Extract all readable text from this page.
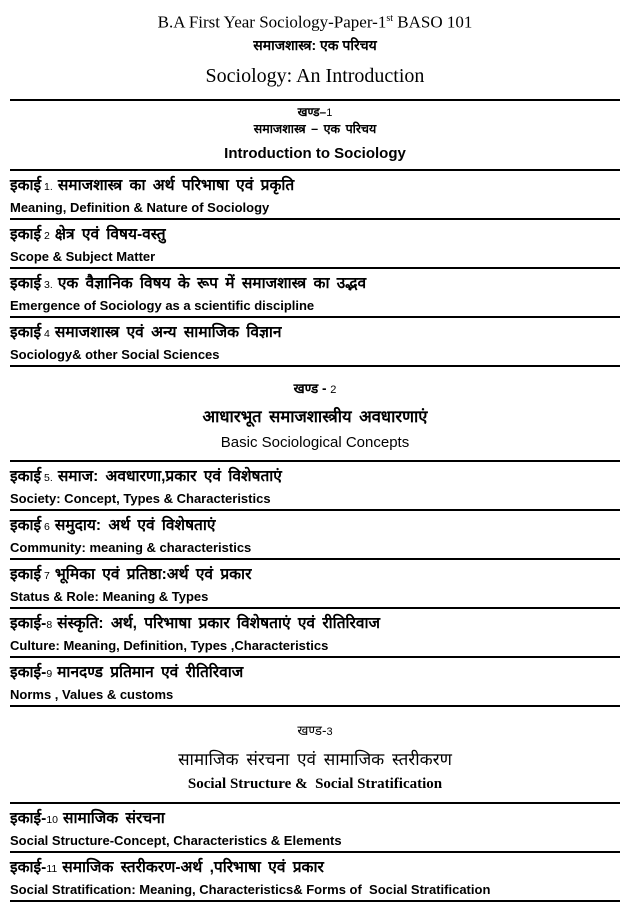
B.A First Year Sociology-Paper-1st BASO 101
समाजशास्त्र: एक परिचय
Sociology: An Introduction
खण्ड–1
समाजशास्त्र – एक परिचय
Introduction to Sociology
इकाई 1. समाजशास्त्र का अर्थ परिभाषा एवं प्रकृति
Meaning, Definition & Nature of Sociology
इकाई 2 क्षेत्र एवं विषय-वस्तु
Scope & Subject Matter
इकाई 3. एक वैज्ञानिक विषय के रूप में समाजशास्त्र का उद्भव
Emergence of Sociology as a scientific discipline
इकाई 4 समाजशास्त्र एवं अन्य सामाजिक विज्ञान
Sociology& other Social Sciences
खण्ड - 2
आधारभूत समाजशास्त्रीय अवधारणाएं
Basic Sociological Concepts
इकाई 5. समाज: अवधारणा,प्रकार एवं विशेषताएं
Society: Concept, Types & Characteristics
इकाई 6 समुदाय: अर्थ एवं विशेषताएं
Community: meaning & characteristics
इकाई 7 भूमिका एवं प्रतिष्ठा:अर्थ एवं प्रकार
Status & Role: Meaning & Types
इकाई-8 संस्कृति: अर्थ, परिभाषा प्रकार विशेषताएं एवं रीतिरिवाज
Culture: Meaning, Definition, Types ,Characteristics
इकाई-9 मानदण्ड प्रतिमान एवं रीतिरिवाज
Norms , Values & customs
खण्ड-3
सामाजिक संरचना एवं सामाजिक स्तरीकरण
Social Structure &  Social Stratification
इकाई-10 सामाजिक संरचना
Social Structure-Concept, Characteristics & Elements
इकाई-11 समाजिक स्तरीकरण-अर्थ ,परिभाषा एवं प्रकार
Social Stratification: Meaning, Characteristics& Forms of  Social Stratification
